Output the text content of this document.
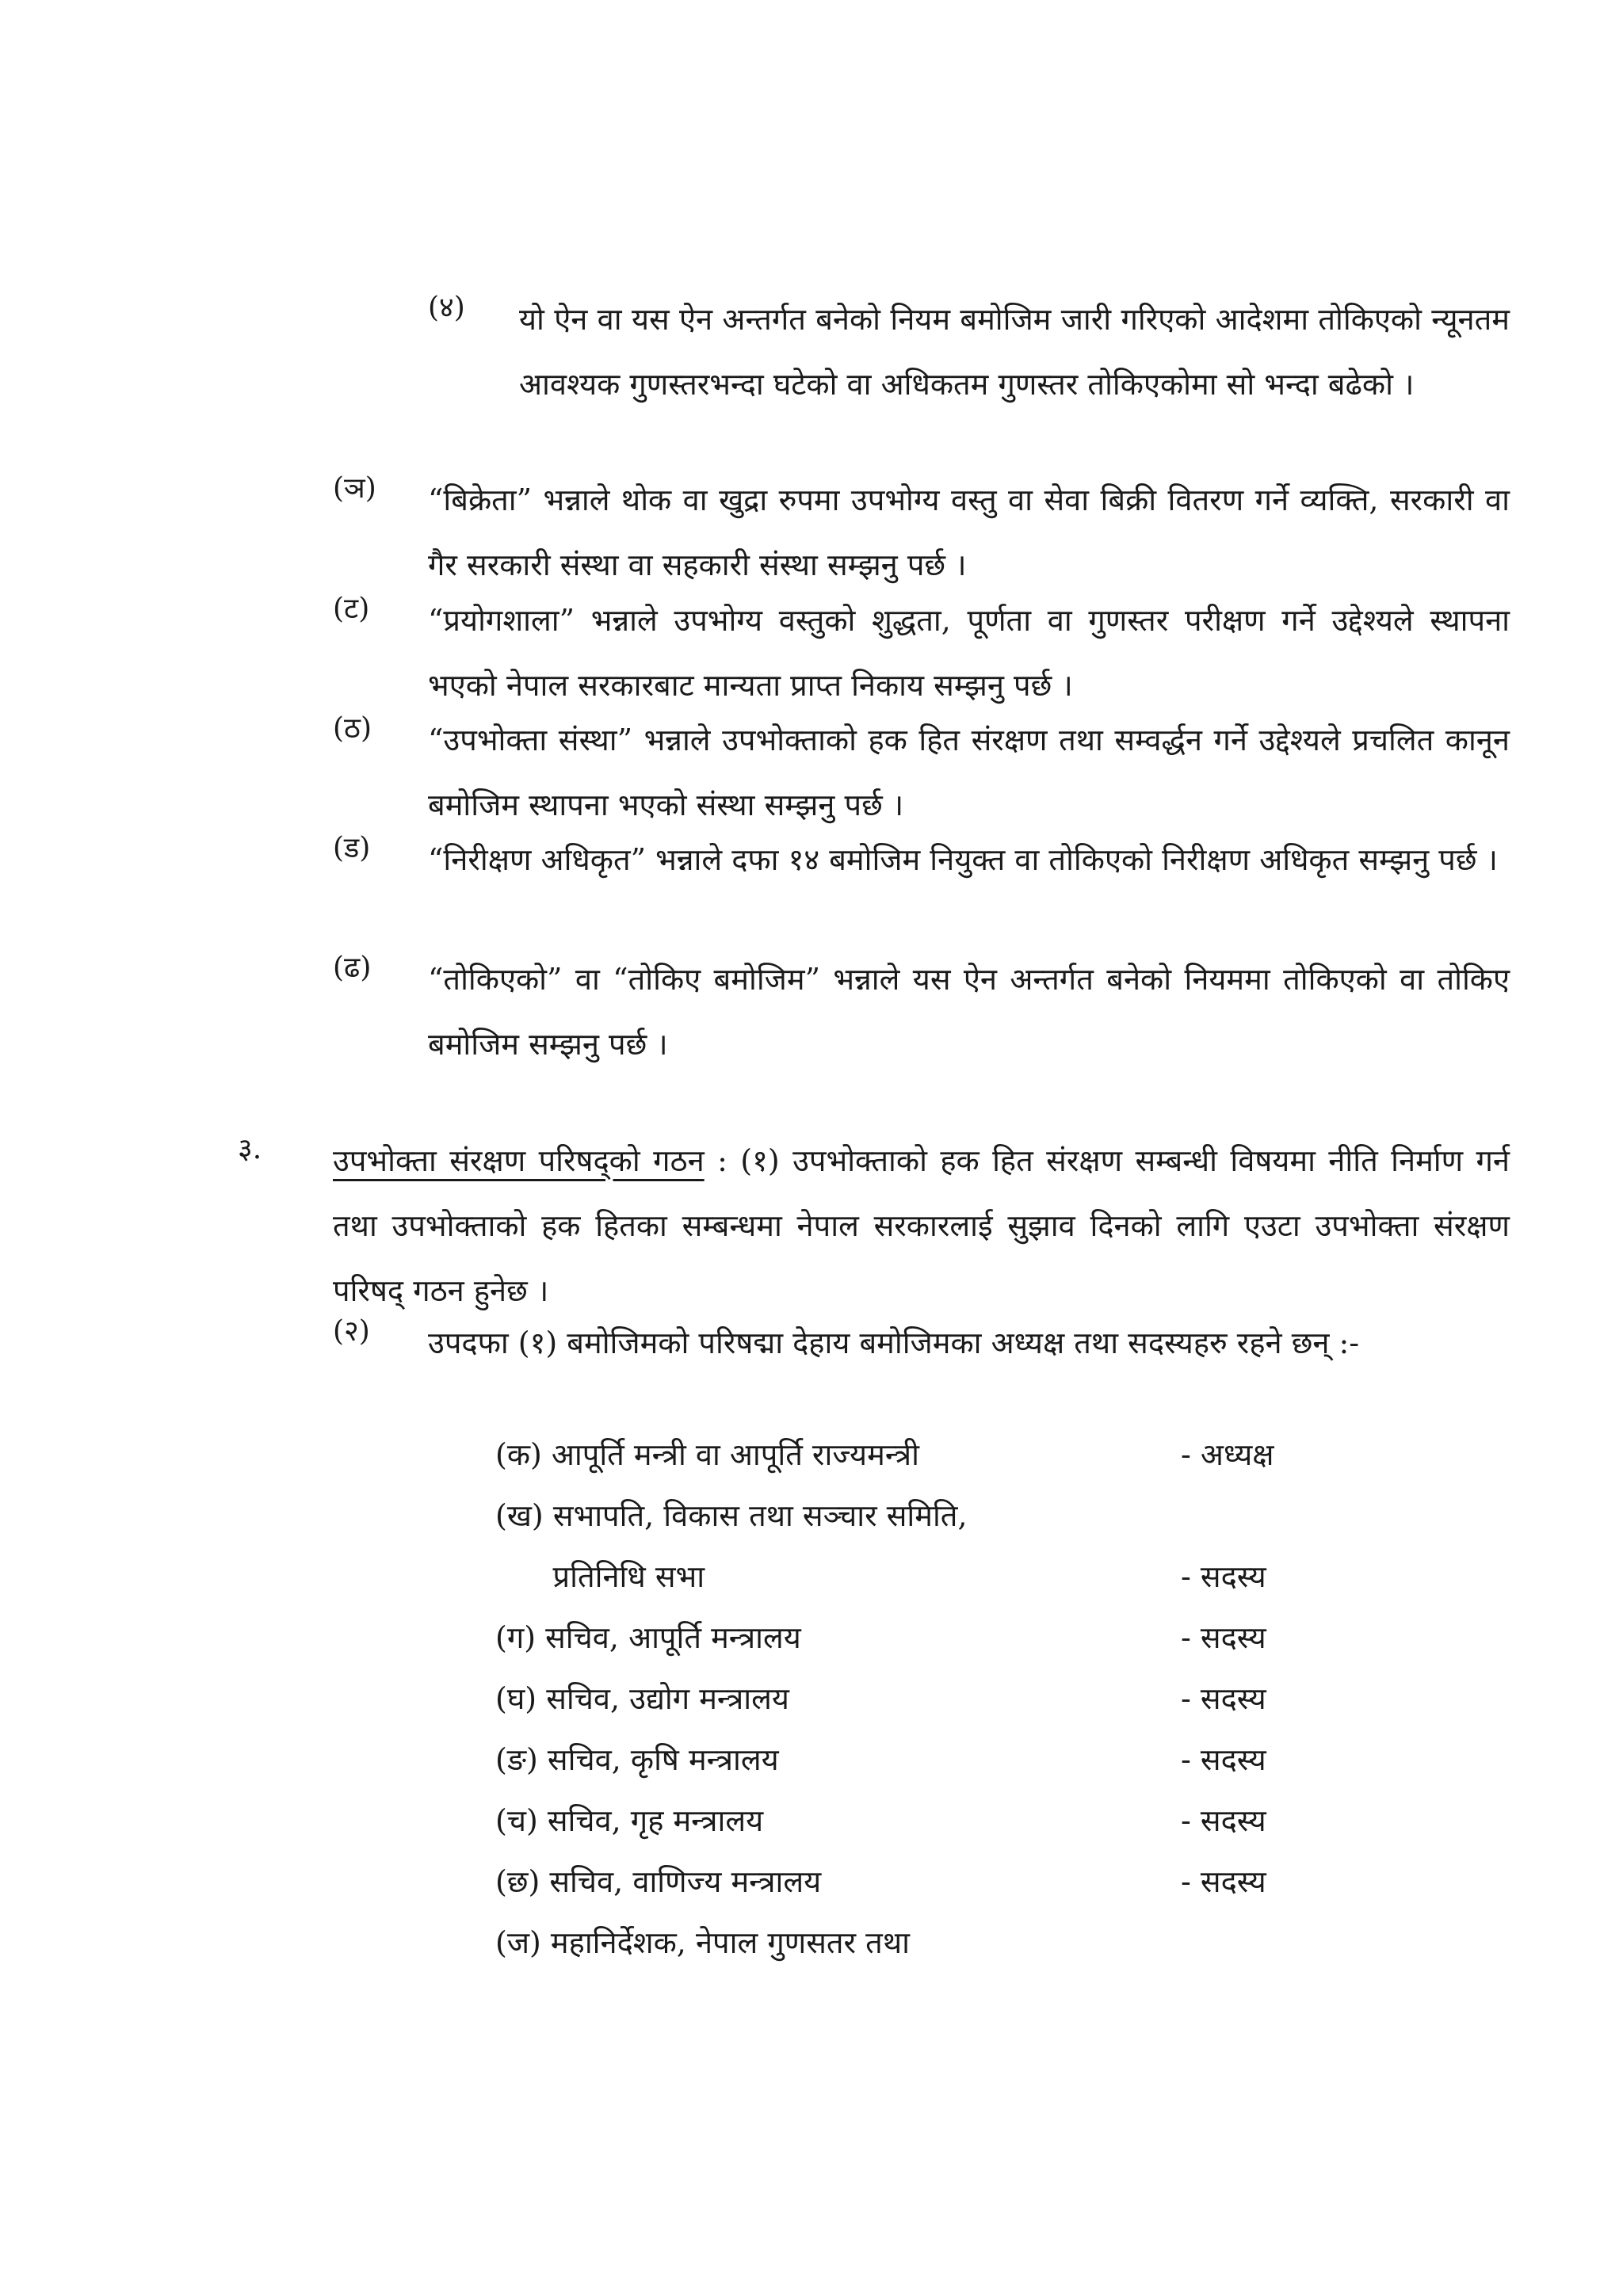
(४) यो ऐन वा यस ऐन अन्तर्गत बनेको नियम बमोजिम जारी गरिएको आदेशमा तोकिएको न्यूनतम आवश्यक गुणस्तरभन्दा घटेको वा अधिकतम गुणस्तर तोकिएकोमा सो भन्दा बढेको ।
(ञ) “बिक्रेता” भन्नाले थोक वा खुद्रा रुपमा उपभोग्य वस्तु वा सेवा बिक्री वितरण गर्ने व्यक्ति, सरकारी वा गैर सरकारी संस्था वा सहकारी संस्था सम्झनु पर्छ ।
(ट) “प्रयोगशाला” भन्नाले उपभोग्य वस्तुको शुद्धता, पूर्णता वा गुणस्तर परीक्षण गर्ने उद्देश्यले स्थापना भएको नेपाल सरकारबाट मान्यता प्राप्त निकाय सम्झनु पर्छ ।
(ठ) “उपभोक्ता संस्था” भन्नाले उपभोक्ताको हक हित संरक्षण तथा सम्वर्द्धन गर्ने उद्देश्यले प्रचलित कानून बमोजिम स्थापना भएको संस्था सम्झनु पर्छ ।
(ड) “निरीक्षण अधिकृत” भन्नाले दफा १४ बमोजिम नियुक्त वा तोकिएको निरीक्षण अधिकृत सम्झनु पर्छ ।
(ढ) “तोकिएको” वा “तोकिए बमोजिम” भन्नाले यस ऐन अन्तर्गत बनेको नियममा तोकिएको वा तोकिए बमोजिम सम्झनु पर्छ ।
३. उपभोक्ता संरक्षण परिषद्को गठन : (१) उपभोक्ताको हक हित संरक्षण सम्बन्धी विषयमा नीति निर्माण गर्न तथा उपभोक्ताको हक हितका सम्बन्धमा नेपाल सरकारलाई सुझाव दिनको लागि एउटा उपभोक्ता संरक्षण परिषद् गठन हुनेछ ।
(२) उपदफा (१) बमोजिमको परिषद्मा देहाय बमोजिमका अध्यक्ष तथा सदस्यहरु रहने छन् :-
(क) आपूर्ति मन्त्री वा आपूर्ति राज्यमन्त्री	- अध्यक्ष
(ख) सभापति, विकास तथा सञ्चार समिति,
प्रतिनिधि सभा	- सदस्य
(ग) सचिव, आपूर्ति मन्त्रालय	- सदस्य
(घ) सचिव, उद्योग मन्त्रालय	- सदस्य
(ङ) सचिव, कृषि मन्त्रालय	- सदस्य
(च) सचिव, गृह मन्त्रालय	- सदस्य
(छ) सचिव, वाणिज्य मन्त्रालय	- सदस्य
(ज) महानिर्देशक, नेपाल गुणसतर तथा
